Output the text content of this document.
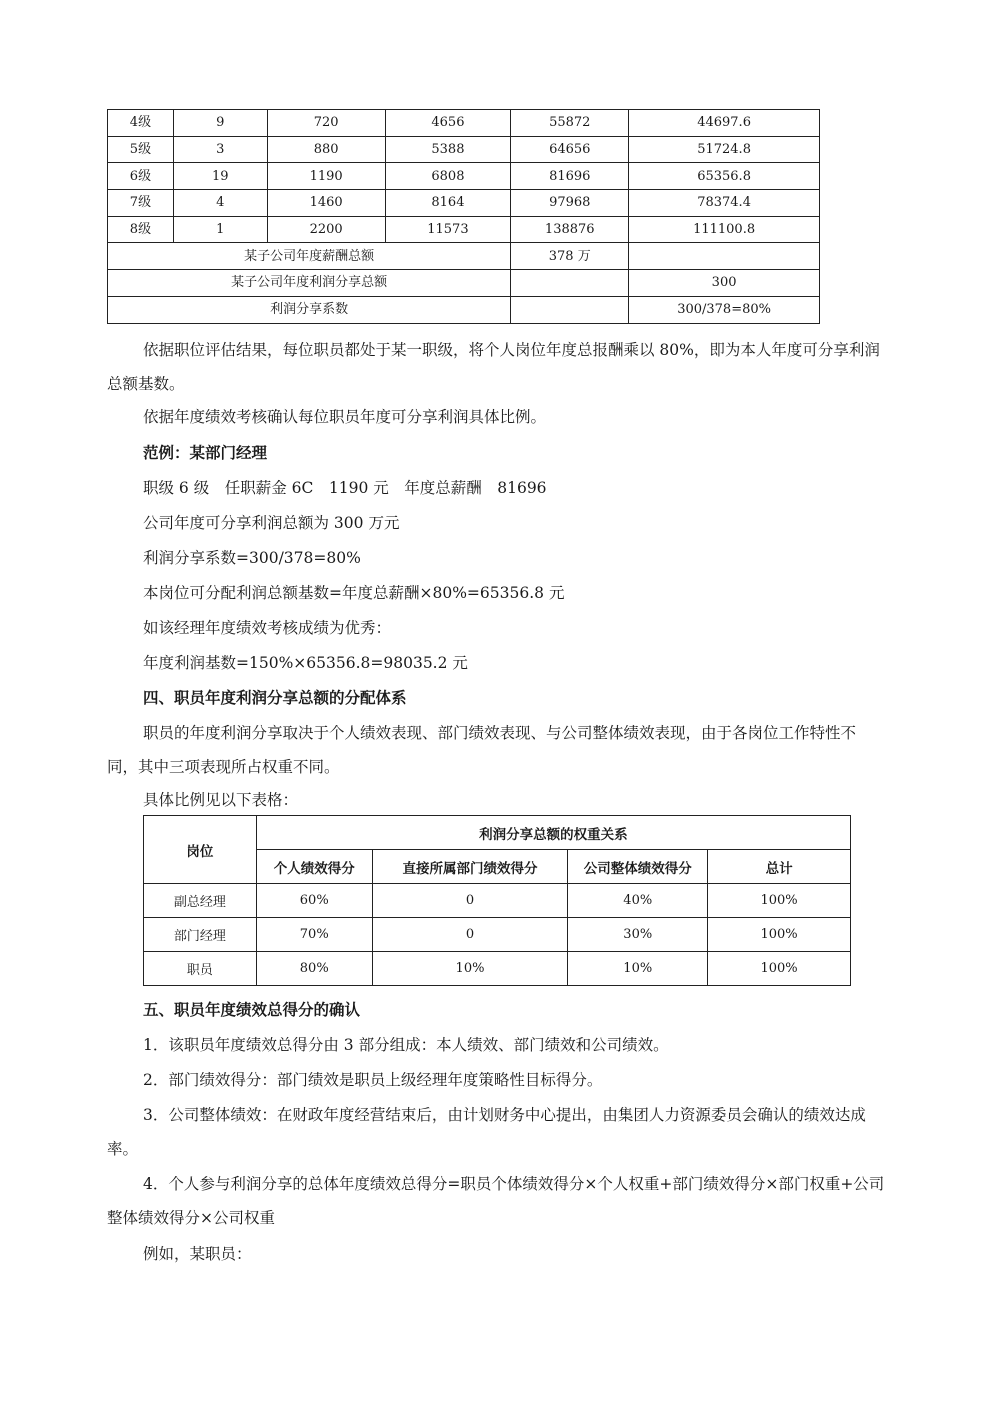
4级	9	720	4656	55872	44697.6
5级	3	880	5388	64656	51724.8
6级	19	1190	6808	81696	65356.8
7级	4	1460	8164	97968	78374.4
8级	1	2200	11573	138876	111100.8
某子公司年度薪酬总额				378 万	
某子公司年度利润分享总额					300
利润分享系数					300/378=80%

依据职位评估结果，每位职员都处于某一职级，将个人岗位年度总报酬乘以 80%，即为本人年度可分享利润总额基数。

依据年度绩效考核确认每位职员年度可分享利润具体比例。

范例：某部门经理

职级 6 级　任职薪金 6C　1190 元　年度总薪酬　81696

公司年度可分享利润总额为 300 万元

利润分享系数=300/378=80%

本岗位可分配利润总额基数=年度总薪酬×80%=65356.8 元

如该经理年度绩效考核成绩为优秀：

年度利润基数=150%×65356.8=98035.2 元

四、职员年度利润分享总额的分配体系

职员的年度利润分享取决于个人绩效表现、部门绩效表现、与公司整体绩效表现，由于各岗位工作特性不同，其中三项表现所占权重不同。

具体比例见以下表格：

岗位	利润分享总额的权重关系			
	个人绩效得分	直接所属部门绩效得分	公司整体绩效得分	总计
副总经理	60%	0	40%	100%
部门经理	70%	0	30%	100%
职员	80%	10%	10%	100%

五、职员年度绩效总得分的确认

1．该职员年度绩效总得分由 3 部分组成：本人绩效、部门绩效和公司绩效。

2．部门绩效得分：部门绩效是职员上级经理年度策略性目标得分。

3．公司整体绩效：在财政年度经营结束后，由计划财务中心提出，由集团人力资源委员会确认的绩效达成率。

4．个人参与利润分享的总体年度绩效总得分=职员个体绩效得分×个人权重+部门绩效得分×部门权重+公司整体绩效得分×公司权重

例如，某职员：
